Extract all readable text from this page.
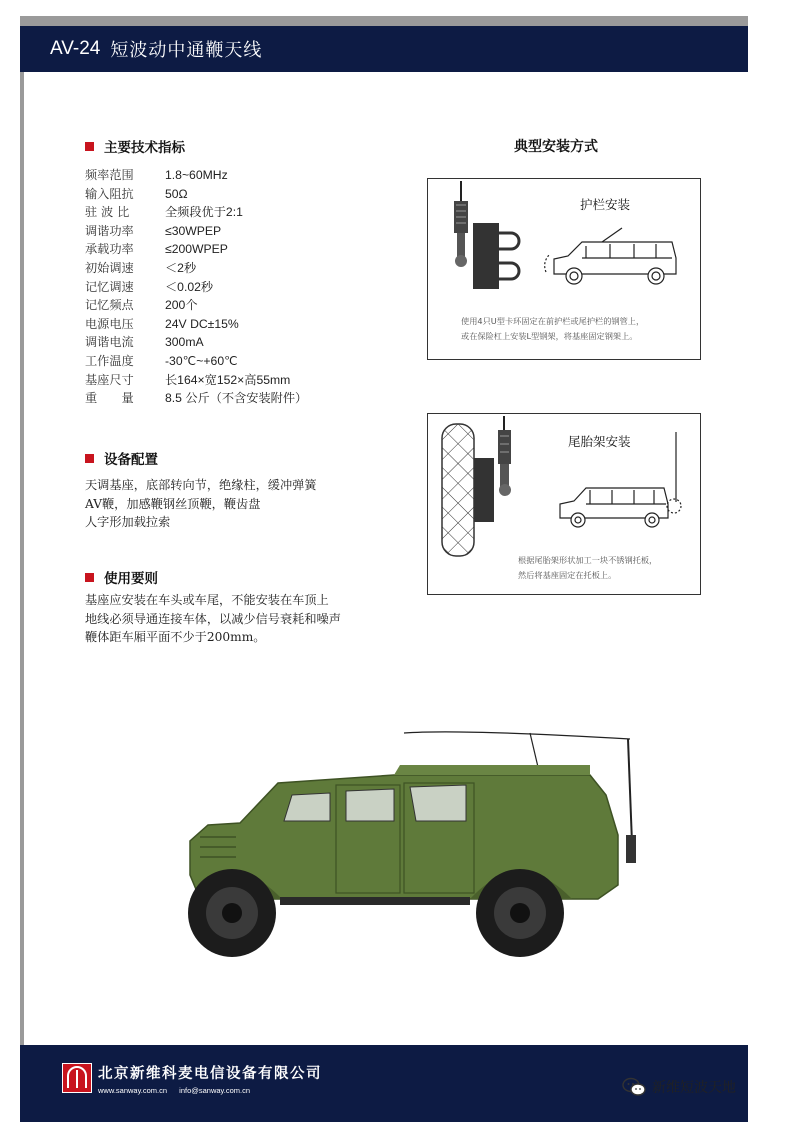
AV-24 短波动中通鞭天线
主要技术指标
频率范围	1.8~60MHz
输入阻抗	50Ω
驻 波 比	全频段优于2:1
调谐功率	≤30WPEP
承载功率	≤200WPEP
初始调速	＜2秒
记忆调速	＜0.02秒
记忆频点	200个
电源电压	24V DC±15%
调谐电流	300mA
工作温度	-30℃~+60℃
基座尺寸	长164×宽152×高55mm
重　　量	8.5 公斤（不含安装附件）
设备配置
天调基座，底部转向节，绝缘柱，缓冲弹簧
AV鞭，加感鞭钢丝顶鞭，鞭齿盘
人字形加载拉索
使用要则
基座应安装在车头或车尾，不能安装在车顶上
地线必须导通连接车体，以减少信号衰耗和噪声
鞭体距车厢平面不少于200mm。
典型安装方式
护栏安装
使用4只U型卡环固定在前护栏或尾护栏的钢管上，
或在保险杠上安装L型钢架，将基座固定钢架上。
尾胎架安装
根据尾胎架形状加工一块不锈钢托板，
然后将基座固定在托板上。
北京新维科麦电信设备有限公司
www.sanway.com.cn info@sanway.com.cn	新维短波天地
